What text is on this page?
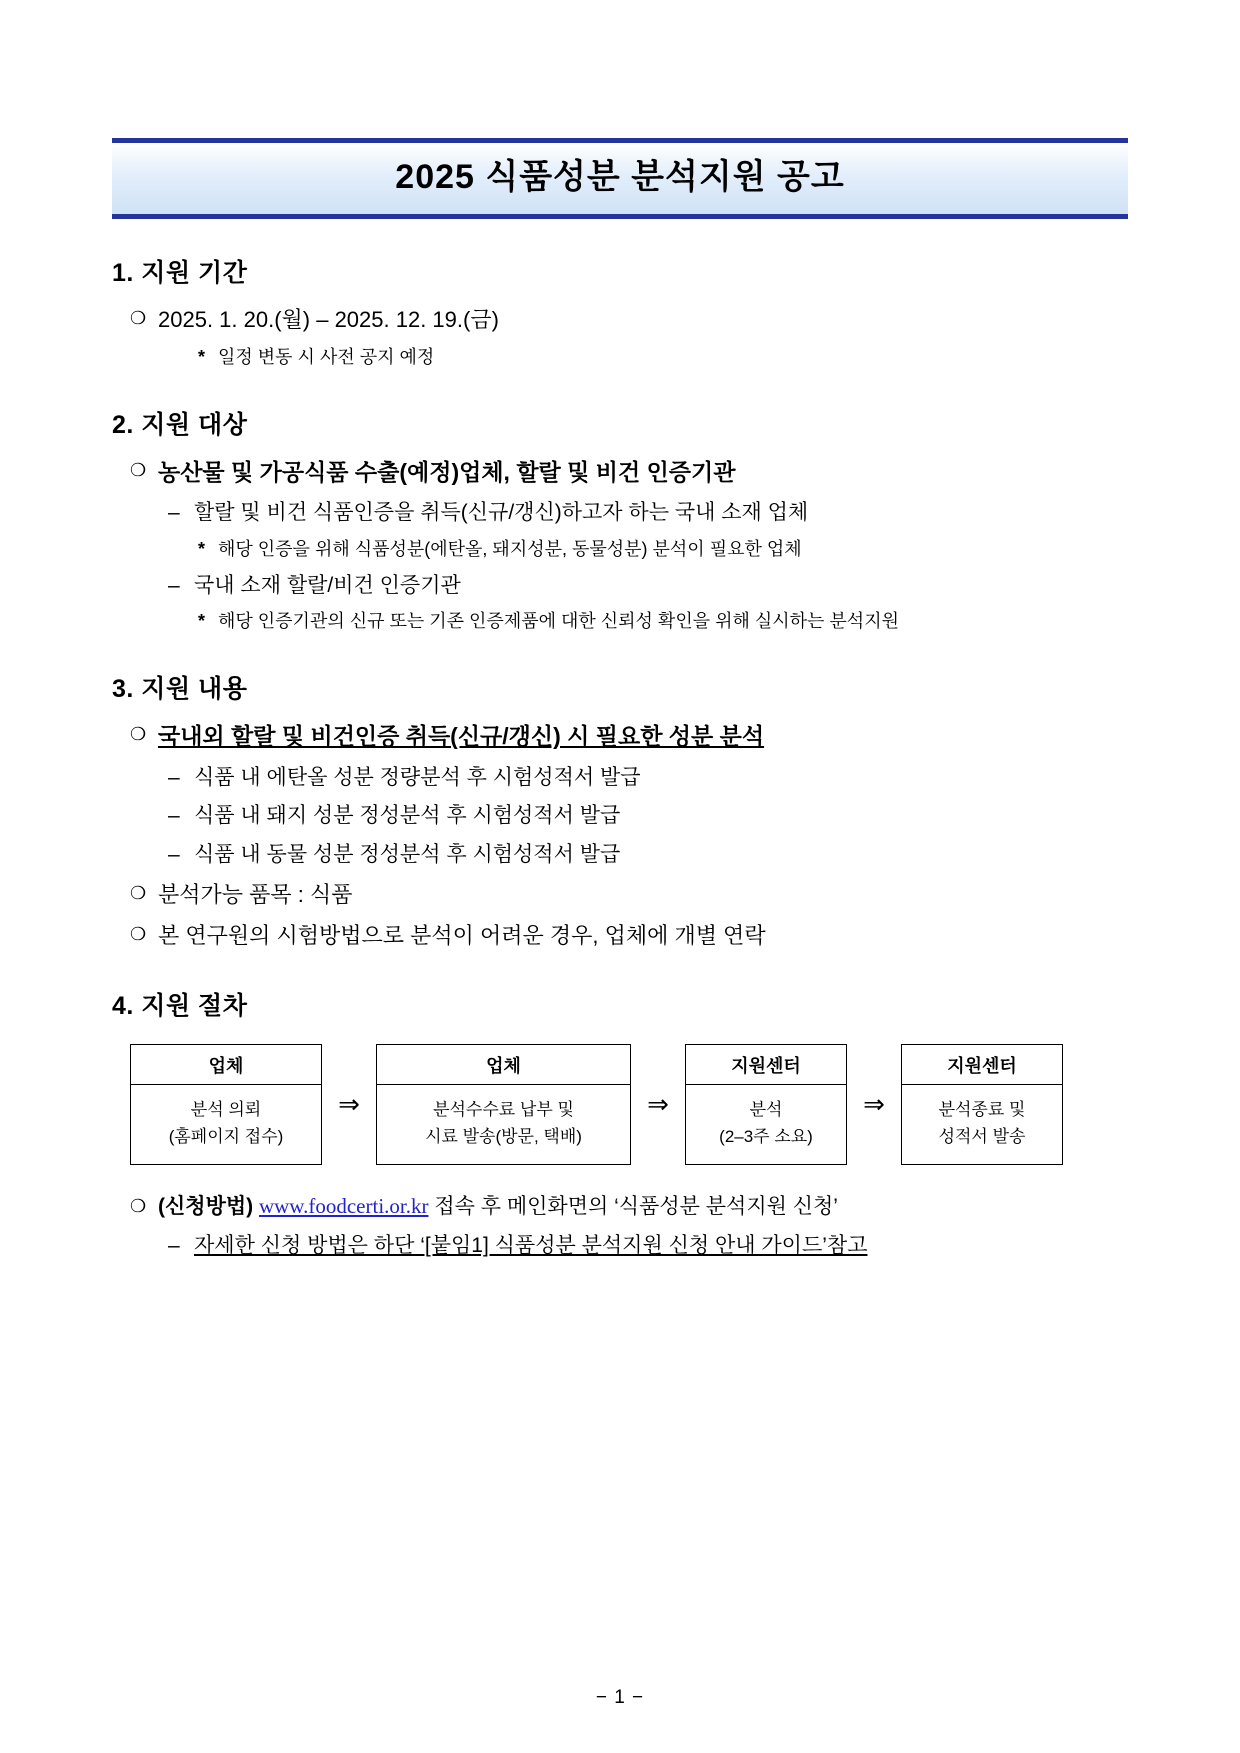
2025 식품성분 분석지원 공고
1. 지원 기간
❍ 2025. 1. 20.(월) – 2025. 12. 19.(금)
* 일정 변동 시 사전 공지 예정
2. 지원 대상
❍ 농산물 및 가공식품 수출(예정)업체, 할랄 및 비건 인증기관
– 할랄 및 비건 식품인증을 취득(신규/갱신)하고자 하는 국내 소재 업체
* 해당 인증을 위해 식품성분(에탄올, 돼지성분, 동물성분) 분석이 필요한 업체
– 국내 소재 할랄/비건 인증기관
* 해당 인증기관의 신규 또는 기존 인증제품에 대한 신뢰성 확인을 위해 실시하는 분석지원
3. 지원 내용
❍ 국내외 할랄 및 비건인증 취득(신규/갱신) 시 필요한 성분 분석
– 식품 내 에탄올 성분 정량분석 후 시험성적서 발급
– 식품 내 돼지 성분 정성분석 후 시험성적서 발급
– 식품 내 동물 성분 정성분석 후 시험성적서 발급
❍ 분석가능 품목 : 식품
❍ 본 연구원의 시험방법으로 분석이 어려운 경우, 업체에 개별 연락
4. 지원 절차
업체
분석 의뢰
(홈페이지 접수)
⇒
업체
분석수수료 납부 및
시료 발송(방문, 택배)
⇒
지원센터
분석
(2–3주 소요)
⇒
지원센터
분석종료 및
성적서 발송
❍ (신청방법) www.foodcerti.or.kr 접속 후 메인화면의 ‘식품성분 분석지원 신청’
– 자세한 신청 방법은 하단 ‘[붙임1] 식품성분 분석지원 신청 안내 가이드’참고
− 1 −
